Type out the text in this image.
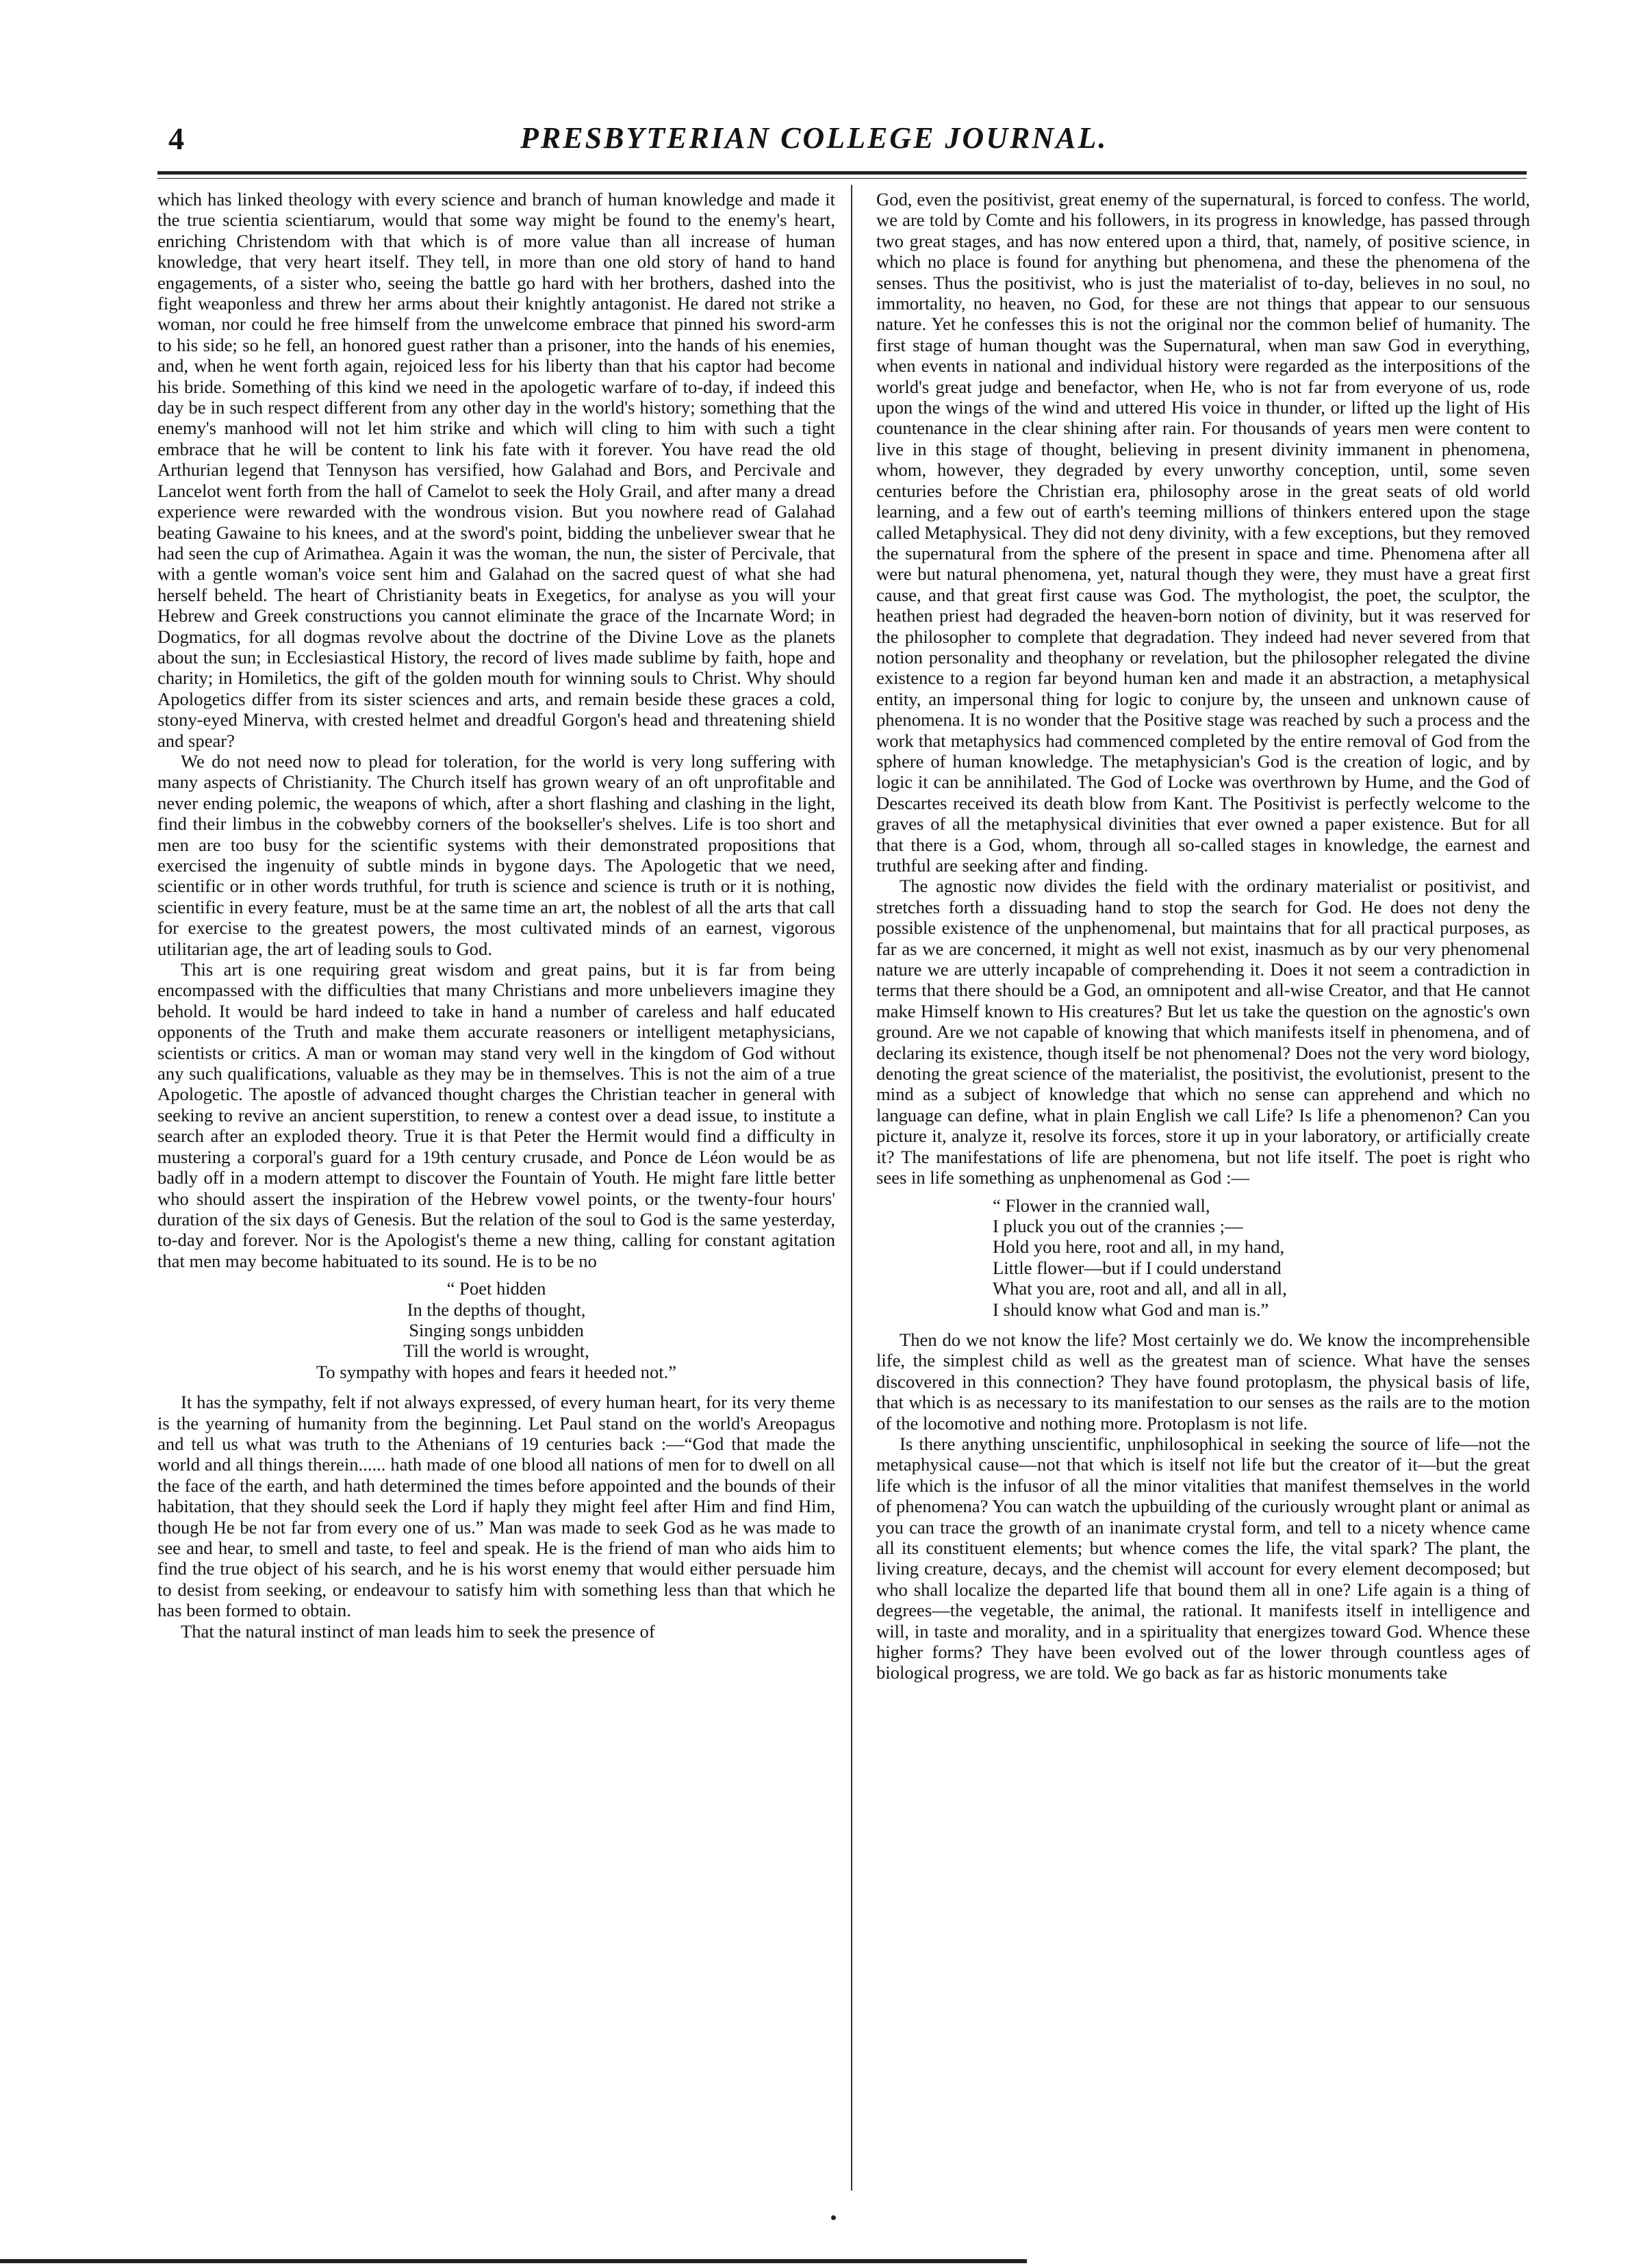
4	PRESBYTERIAN COLLEGE JOURNAL.

which has linked theology with every science and branch of human knowledge and made it the true scientia scientiarum, would that some way might be found to the enemy's heart, enriching Christendom with that which is of more value than all increase of human knowledge, that very heart itself. They tell, in more than one old story of hand to hand engagements, of a sister who, seeing the battle go hard with her brothers, dashed into the fight weaponless and threw her arms about their knightly antagonist. He dared not strike a woman, nor could he free himself from the unwelcome embrace that pinned his sword-arm to his side; so he fell, an honored guest rather than a prisoner, into the hands of his enemies, and, when he went forth again, rejoiced less for his liberty than that his captor had become his bride. Something of this kind we need in the apologetic warfare of to-day, if indeed this day be in such respect different from any other day in the world's history; something that the enemy's manhood will not let him strike and which will cling to him with such a tight embrace that he will be content to link his fate with it forever. You have read the old Arthurian legend that Tennyson has versified, how Galahad and Bors, and Percivale and Lancelot went forth from the hall of Camelot to seek the Holy Grail, and after many a dread experience were rewarded with the wondrous vision. But you nowhere read of Galahad beating Gawaine to his knees, and at the sword's point, bidding the unbeliever swear that he had seen the cup of Arimathea. Again it was the woman, the nun, the sister of Percivale, that with a gentle woman's voice sent him and Galahad on the sacred quest of what she had herself beheld. The heart of Christianity beats in Exegetics, for analyse as you will your Hebrew and Greek constructions you cannot eliminate the grace of the Incarnate Word; in Dogmatics, for all dogmas revolve about the doctrine of the Divine Love as the planets about the sun; in Ecclesiastical History, the record of lives made sublime by faith, hope and charity; in Homiletics, the gift of the golden mouth for winning souls to Christ. Why should Apologetics differ from its sister sciences and arts, and remain beside these graces a cold, stony-eyed Minerva, with crested helmet and dreadful Gorgon's head and threatening shield and spear?

We do not need now to plead for toleration, for the world is very long suffering with many aspects of Christianity. The Church itself has grown weary of an oft unprofitable and never ending polemic, the weapons of which, after a short flashing and clashing in the light, find their limbus in the cobwebby corners of the bookseller's shelves. Life is too short and men are too busy for the scientific systems with their demonstrated propositions that exercised the ingenuity of subtle minds in bygone days. The Apologetic that we need, scientific or in other words truthful, for truth is science and science is truth or it is nothing, scientific in every feature, must be at the same time an art, the noblest of all the arts that call for exercise to the greatest powers, the most cultivated minds of an earnest, vigorous utilitarian age, the art of leading souls to God.

This art is one requiring great wisdom and great pains, but it is far from being encompassed with the difficulties that many Christians and more unbelievers imagine they behold. It would be hard indeed to take in hand a number of careless and half educated opponents of the Truth and make them accurate reasoners or intelligent metaphysicians, scientists or critics. A man or woman may stand very well in the kingdom of God without any such qualifications, valuable as they may be in themselves. This is not the aim of a true Apologetic. The apostle of advanced thought charges the Christian teacher in general with seeking to revive an ancient superstition, to renew a contest over a dead issue, to institute a search after an exploded theory. True it is that Peter the Hermit would find a difficulty in mustering a corporal's guard for a 19th century crusade, and Ponce de Léon would be as badly off in a modern attempt to discover the Fountain of Youth. He might fare little better who should assert the inspiration of the Hebrew vowel points, or the twenty-four hours' duration of the six days of Genesis. But the relation of the soul to God is the same yesterday, to-day and forever. Nor is the Apologist's theme a new thing, calling for constant agitation that men may become habituated to its sound. He is to be no

“ Poet hidden
In the depths of thought,
Singing songs unbidden
Till the world is wrought,
To sympathy with hopes and fears it heeded not.”

It has the sympathy, felt if not always expressed, of every human heart, for its very theme is the yearning of humanity from the beginning. Let Paul stand on the world's Areopagus and tell us what was truth to the Athenians of 19 centuries back :—“God that made the world and all things therein...... hath made of one blood all nations of men for to dwell on all the face of the earth, and hath determined the times before appointed and the bounds of their habitation, that they should seek the Lord if haply they might feel after Him and find Him, though He be not far from every one of us.” Man was made to seek God as he was made to see and hear, to smell and taste, to feel and speak. He is the friend of man who aids him to find the true object of his search, and he is his worst enemy that would either persuade him to desist from seeking, or endeavour to satisfy him with something less than that which he has been formed to obtain.

That the natural instinct of man leads him to seek the presence of

God, even the positivist, great enemy of the supernatural, is forced to confess. The world, we are told by Comte and his followers, in its progress in knowledge, has passed through two great stages, and has now entered upon a third, that, namely, of positive science, in which no place is found for anything but phenomena, and these the phenomena of the senses. Thus the positivist, who is just the materialist of to-day, believes in no soul, no immortality, no heaven, no God, for these are not things that appear to our sensuous nature. Yet he confesses this is not the original nor the common belief of humanity. The first stage of human thought was the Supernatural, when man saw God in everything, when events in national and individual history were regarded as the interpositions of the world's great judge and benefactor, when He, who is not far from everyone of us, rode upon the wings of the wind and uttered His voice in thunder, or lifted up the light of His countenance in the clear shining after rain. For thousands of years men were content to live in this stage of thought, believing in present divinity immanent in phenomena, whom, however, they degraded by every unworthy conception, until, some seven centuries before the Christian era, philosophy arose in the great seats of old world learning, and a few out of earth's teeming millions of thinkers entered upon the stage called Metaphysical. They did not deny divinity, with a few exceptions, but they removed the supernatural from the sphere of the present in space and time. Phenomena after all were but natural phenomena, yet, natural though they were, they must have a great first cause, and that great first cause was God. The mythologist, the poet, the sculptor, the heathen priest had degraded the heaven-born notion of divinity, but it was reserved for the philosopher to complete that degradation. They indeed had never severed from that notion personality and theophany or revelation, but the philosopher relegated the divine existence to a region far beyond human ken and made it an abstraction, a metaphysical entity, an impersonal thing for logic to conjure by, the unseen and unknown cause of phenomena. It is no wonder that the Positive stage was reached by such a process and the work that metaphysics had commenced completed by the entire removal of God from the sphere of human knowledge. The metaphysician's God is the creation of logic, and by logic it can be annihilated. The God of Locke was overthrown by Hume, and the God of Descartes received its death blow from Kant. The Positivist is perfectly welcome to the graves of all the metaphysical divinities that ever owned a paper existence. But for all that there is a God, whom, through all so-called stages in knowledge, the earnest and truthful are seeking after and finding.

The agnostic now divides the field with the ordinary materialist or positivist, and stretches forth a dissuading hand to stop the search for God. He does not deny the possible existence of the unphenomenal, but maintains that for all practical purposes, as far as we are concerned, it might as well not exist, inasmuch as by our very phenomenal nature we are utterly incapable of comprehending it. Does it not seem a contradiction in terms that there should be a God, an omnipotent and all-wise Creator, and that He cannot make Himself known to His creatures? But let us take the question on the agnostic's own ground. Are we not capable of knowing that which manifests itself in phenomena, and of declaring its existence, though itself be not phenomenal? Does not the very word biology, denoting the great science of the materialist, the positivist, the evolutionist, present to the mind as a subject of knowledge that which no sense can apprehend and which no language can define, what in plain English we call Life? Is life a phenomenon? Can you picture it, analyze it, resolve its forces, store it up in your laboratory, or artificially create it? The manifestations of life are phenomena, but not life itself. The poet is right who sees in life something as unphenomenal as God :—

“ Flower in the crannied wall,
I pluck you out of the crannies ;—
Hold you here, root and all, in my hand,
Little flower—but if I could understand
What you are, root and all, and all in all,
I should know what God and man is.”

Then do we not know the life? Most certainly we do. We know the incomprehensible life, the simplest child as well as the greatest man of science. What have the senses discovered in this connection? They have found protoplasm, the physical basis of life, that which is as necessary to its manifestation to our senses as the rails are to the motion of the locomotive and nothing more. Protoplasm is not life.

Is there anything unscientific, unphilosophical in seeking the source of life—not the metaphysical cause—not that which is itself not life but the creator of it—but the great life which is the infusor of all the minor vitalities that manifest themselves in the world of phenomena? You can watch the upbuilding of the curiously wrought plant or animal as you can trace the growth of an inanimate crystal form, and tell to a nicety whence came all its constituent elements; but whence comes the life, the vital spark? The plant, the living creature, decays, and the chemist will account for every element decomposed; but who shall localize the departed life that bound them all in one? Life again is a thing of degrees—the vegetable, the animal, the rational. It manifests itself in intelligence and will, in taste and morality, and in a spirituality that energizes toward God. Whence these higher forms? They have been evolved out of the lower through countless ages of biological progress, we are told. We go back as far as historic monuments take
